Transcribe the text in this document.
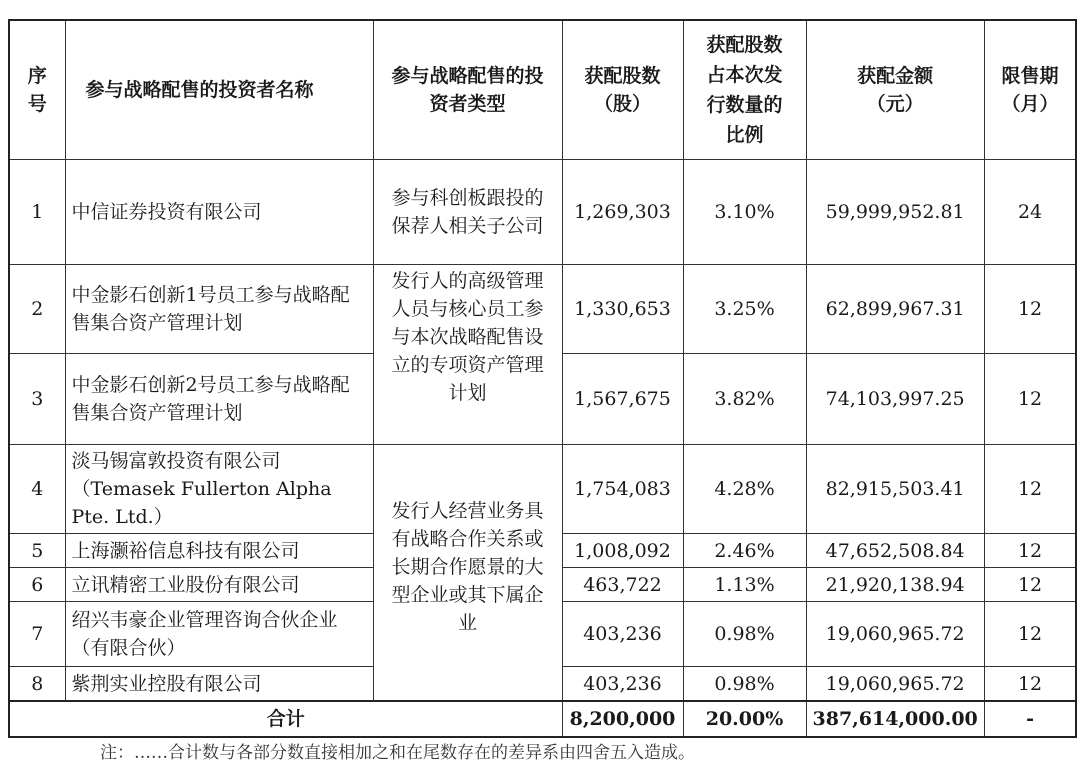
序号	参与战略配售的投资者名称	参与战略配售的投资者类型	获配股数（股）	获配股数占本次发行数量的比例	获配金额（元）	限售期（月）
1	中信证券投资有限公司	参与科创板跟投的保荐人相关子公司	1,269,303	3.10%	59,999,952.81	24
2	中金影石创新1号员工参与战略配售集合资产管理计划	发行人的高级管理人员与核心员工参与本次战略配售设立的专项资产管理计划	1,330,653	3.25%	62,899,967.31	12
3	中金影石创新2号员工参与战略配售集合资产管理计划		1,567,675	3.82%	74,103,997.25	12
4	淡马锡富敦投资有限公司（Temasek Fullerton Alpha Pte. Ltd.）	发行人经营业务具有战略合作关系或长期合作愿景的大型企业或其下属企业	1,754,083	4.28%	82,915,503.41	12
5	上海灏裕信息科技有限公司		1,008,092	2.46%	47,652,508.84	12
6	立讯精密工业股份有限公司		463,722	1.13%	21,920,138.94	12
7	绍兴韦豪企业管理咨询合伙企业（有限合伙）		403,236	0.98%	19,060,965.72	12
8	紫荆实业控股有限公司		403,236	0.98%	19,060,965.72	12
合计			8,200,000	20.00%	387,614,000.00	-
注：……合计数与各部分数直接相加之和在尾数存在的差异系由四舍五入造成。
